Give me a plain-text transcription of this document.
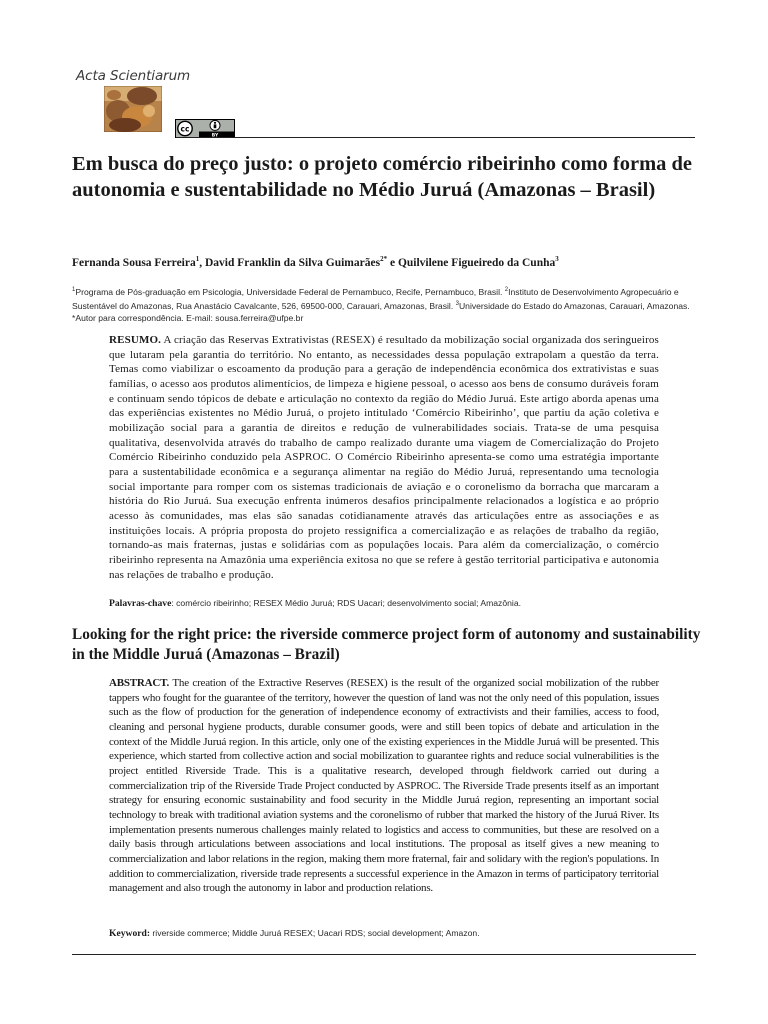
Acta Scientiarum

cc
BY
Em busca do preço justo: o projeto comércio ribeirinho como forma de autonomia e sustentabilidade no Médio Juruá (Amazonas – Brasil)

Fernanda Sousa Ferreira$^1$, David Franklin da Silva Guimarães$^{2*}$ e Quilvilene Figueiredo da Cunha$^3$

$^1$Programa de Pós-graduação em Psicologia, Universidade Federal de Pernambuco, Recife, Pernambuco, Brasil. $^2$Instituto de Desenvolvimento Agropecuário e Sustentável do Amazonas, Rua Anastácio Cavalcante, 526, 69500-000, Carauari, Amazonas, Brasil. $^3$Universidade do Estado do Amazonas, Carauari, Amazonas. *Autor para correspondência. E-mail: sousa.ferreira@ufpe.br

RESUMO. A criação das Reservas Extrativistas (RESEX) é resultado da mobilização social organizada dos seringueiros que lutaram pela garantia do território. No entanto, as necessidades dessa população extrapolam a questão da terra. Temas como viabilizar o escoamento da produção para a geração de independência econômica dos extrativistas e suas famílias, o acesso aos produtos alimentícios, de limpeza e higiene pessoal, o acesso aos bens de consumo duráveis foram e continuam sendo tópicos de debate e articulação no contexto da região do Médio Juruá. Este artigo aborda apenas uma das experiências existentes no Médio Juruá, o projeto intitulado ‘Comércio Ribeirinho’, que partiu da ação coletiva e mobilização social para a garantia de direitos e redução de vulnerabilidades sociais. Trata-se de uma pesquisa qualitativa, desenvolvida através do trabalho de campo realizado durante uma viagem de Comercialização do Projeto Comércio Ribeirinho conduzido pela ASPROC. O Comércio Ribeirinho apresenta-se como uma estratégia importante para a sustentabilidade econômica e a segurança alimentar na região do Médio Juruá, representando uma tecnologia social importante para romper com os sistemas tradicionais de aviação e o coronelismo da borracha que marcaram a história do Rio Juruá. Sua execução enfrenta inúmeros desafios principalmente relacionados a logística e ao próprio acesso às comunidades, mas elas são sanadas cotidianamente através das articulações entre as associações e as instituições locais. A própria proposta do projeto ressignifica a comercialização e as relações de trabalho da região, tornando-as mais fraternas, justas e solidárias com as populações locais. Para além da comercialização, o comércio ribeirinho representa na Amazônia uma experiência exitosa no que se refere à gestão territorial participativa e autonomia nas relações de trabalho e produção.

Palavras-chave: comércio ribeirinho; RESEX Médio Juruá; RDS Uacari; desenvolvimento social; Amazônia.

Looking for the right price: the riverside commerce project form of autonomy and sustainability in the Middle Juruá (Amazonas – Brazil)

ABSTRACT. The creation of the Extractive Reserves (RESEX) is the result of the organized social mobilization of the rubber tappers who fought for the guarantee of the territory, however the question of land was not the only need of this population, issues such as the flow of production for the generation of independence economy of extractivists and their families, access to food, cleaning and personal hygiene products, durable consumer goods, were and still been topics of debate and articulation in the context of the Middle Juruá region. In this article, only one of the existing experiences in the Middle Juruá will be presented. This experience, which started from collective action and social mobilization to guarantee rights and reduce social vulnerabilities is the project entitled Riverside Trade. This is a qualitative research, developed through fieldwork carried out during a commercialization trip of the Riverside Trade Project conducted by ASPROC. The Riverside Trade presents itself as an important strategy for ensuring economic sustainability and food security in the Middle Juruá region, representing an important social technology to break with traditional aviation systems and the coronelismo of rubber that marked the history of the Juruá River. Its implementation presents numerous challenges mainly related to logistics and access to communities, but these are resolved on a daily basis through articulations between associations and local institutions. The proposal as itself gives a new meaning to commercialization and labor relations in the region, making them more fraternal, fair and solidary with the region's populations. In addition to commercialization, riverside trade represents a successful experience in the Amazon in terms of participatory territorial management and also trough the autonomy in labor and production relations.

Keyword: riverside commerce; Middle Juruá RESEX; Uacari RDS; social development; Amazon.
